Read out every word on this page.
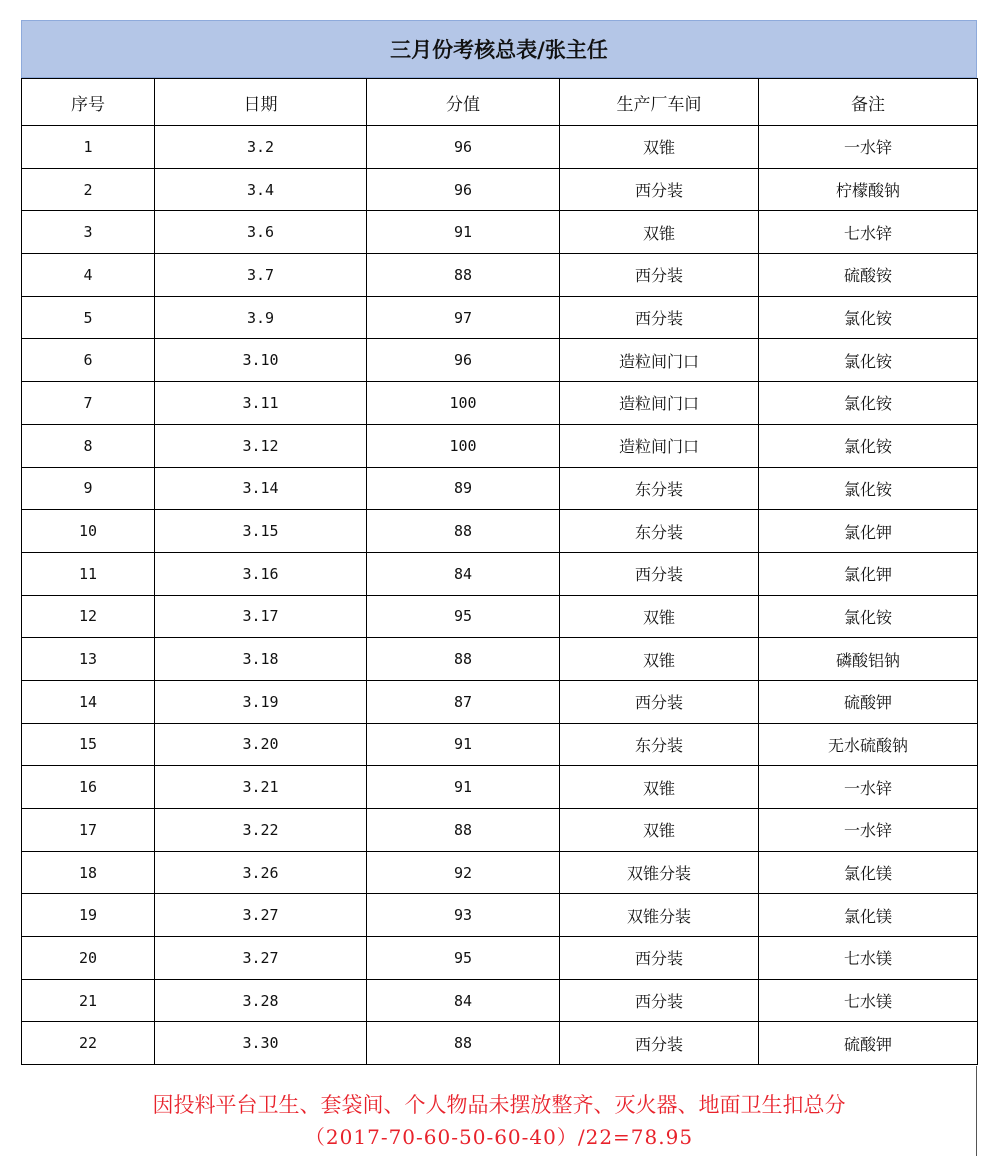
三月份考核总表/张主任
序号	日期	分值	生产厂车间	备注
1	3.2	96	双锥	一水锌
2	3.4	96	西分装	柠檬酸钠
3	3.6	91	双锥	七水锌
4	3.7	88	西分装	硫酸铵
5	3.9	97	西分装	氯化铵
6	3.10	96	造粒间门口	氯化铵
7	3.11	100	造粒间门口	氯化铵
8	3.12	100	造粒间门口	氯化铵
9	3.14	89	东分装	氯化铵
10	3.15	88	东分装	氯化钾
11	3.16	84	西分装	氯化钾
12	3.17	95	双锥	氯化铵
13	3.18	88	双锥	磷酸铝钠
14	3.19	87	西分装	硫酸钾
15	3.20	91	东分装	无水硫酸钠
16	3.21	91	双锥	一水锌
17	3.22	88	双锥	一水锌
18	3.26	92	双锥分装	氯化镁
19	3.27	93	双锥分装	氯化镁
20	3.27	95	西分装	七水镁
21	3.28	84	西分装	七水镁
22	3.30	88	西分装	硫酸钾
因投料平台卫生、套袋间、个人物品未摆放整齐、灭火器、地面卫生扣总分
（2017-70-60-50-60-40）/22=78.95
